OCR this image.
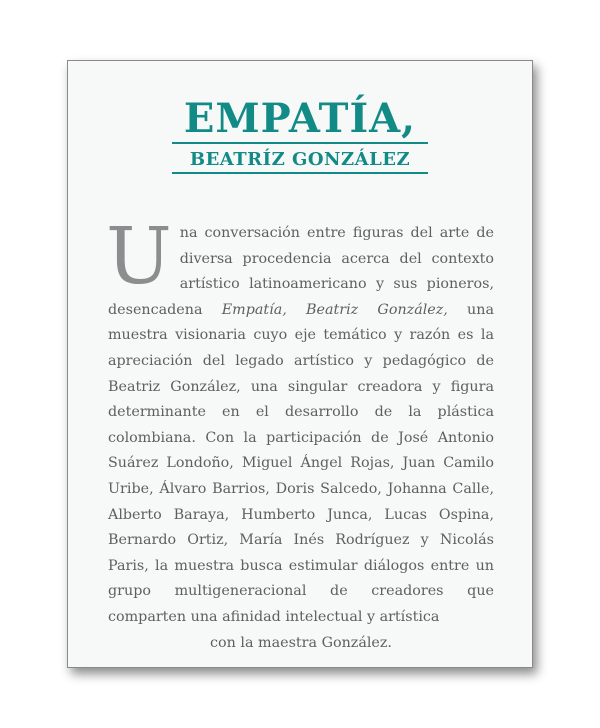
EMPATÍA,
BEATRÍZ GONZÁLEZ
Una conversación entre figuras del arte de diversa procedencia acerca del contexto artístico latinoamericano y sus pioneros, desencadena Empatía, Beatriz González, una muestra visionaria cuyo eje temático y razón es la apreciación del legado artístico y pedagógico de Beatriz González, una singular creadora y figura determinante en el desarrollo de la plástica colombiana. Con la participación de José Antonio Suárez Londoño, Miguel Ángel Rojas, Juan Camilo Uribe, Álvaro Barrios, Doris Salcedo, Johanna Calle, Alberto Baraya, Humberto Junca, Lucas Ospina, Bernardo Ortiz, María Inés Rodríguez y Nicolás Paris, la muestra busca estimular diálogos entre un grupo multigeneracional de creadores que comparten una afinidad intelectual y artística
con la maestra González.
